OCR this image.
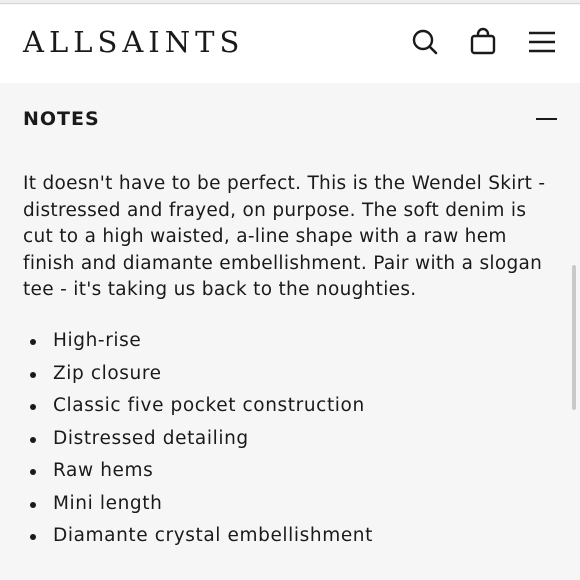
ALLSAINTS
NOTES

It doesn't have to be perfect. This is the Wendel Skirt - distressed and frayed, on purpose. The soft denim is cut to a high waisted, a-line shape with a raw hem finish and diamante embellishment. Pair with a slogan tee - it's taking us back to the noughties.

High-rise
Zip closure
Classic five pocket construction
Distressed detailing
Raw hems
Mini length
Diamante crystal embellishment
